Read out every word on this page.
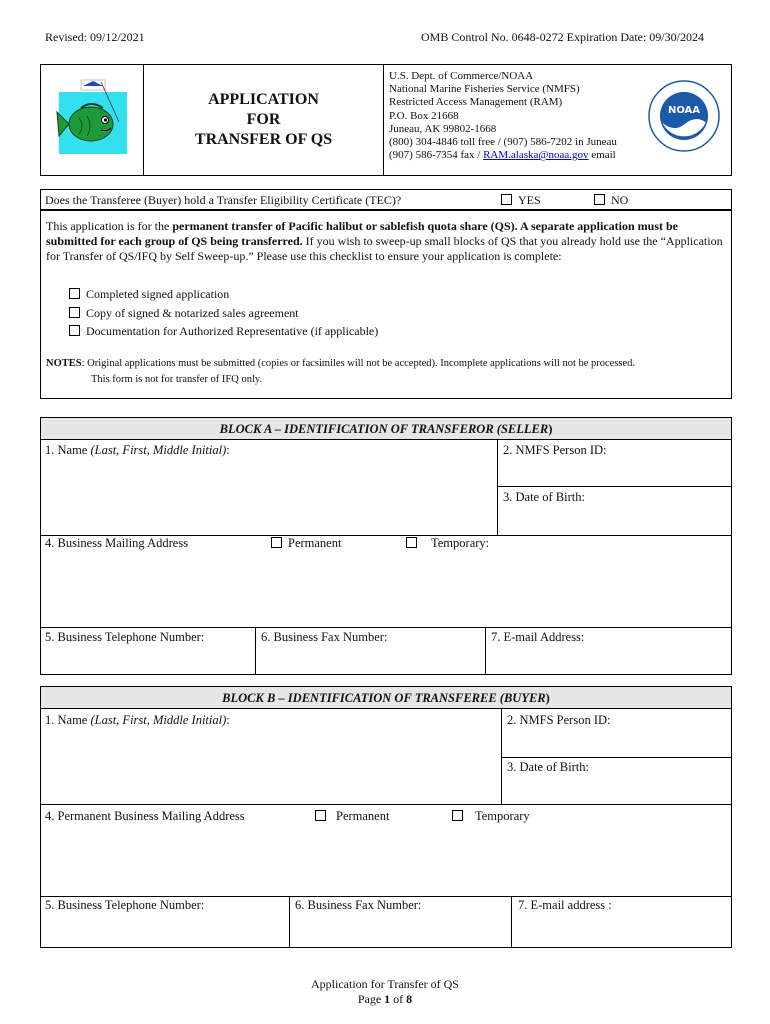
Revised: 09/12/2021	OMB Control No. 0648-0272 Expiration Date: 09/30/2024
APPLICATION
FOR
TRANSFER OF QS
U.S. Dept. of Commerce/NOAA
National Marine Fisheries Service (NMFS)
Restricted Access Management (RAM)
P.O. Box 21668
Juneau, AK 99802-1668
(800) 304-4846 toll free / (907) 586-7202 in Juneau
(907) 586-7354 fax / RAM.alaska@noaa.gov email
NOAA
Does the Transferee (Buyer) hold a Transfer Eligibility Certificate (TEC)?	YES	NO
This application is for the permanent transfer of Pacific halibut or sablefish quota share (QS). A separate application must be submitted for each group of QS being transferred. If you wish to sweep-up small blocks of QS that you already hold use the “Application for Transfer of QS/IFQ by Self Sweep-up.” Please use this checklist to ensure your application is complete:
Completed signed application
Copy of signed & notarized sales agreement
Documentation for Authorized Representative (if applicable)
NOTES: Original applications must be submitted (copies or facsimiles will not be accepted). Incomplete applications will not be processed.
This form is not for transfer of IFQ only.
BLOCK A – IDENTIFICATION OF TRANSFEROR (SELLER)
1. Name (Last, First, Middle Initial):	2. NMFS Person ID:
3. Date of Birth:
4. Business Mailing Address	Permanent	Temporary:
5. Business Telephone Number:	6. Business Fax Number:	7. E-mail Address:
BLOCK B – IDENTIFICATION OF TRANSFEREE (BUYER)
1. Name (Last, First, Middle Initial):	2. NMFS Person ID:
3. Date of Birth:
4. Permanent Business Mailing Address	Permanent	Temporary
5. Business Telephone Number:	6. Business Fax Number:	7. E-mail address :
Application for Transfer of QS
Page 1 of 8
